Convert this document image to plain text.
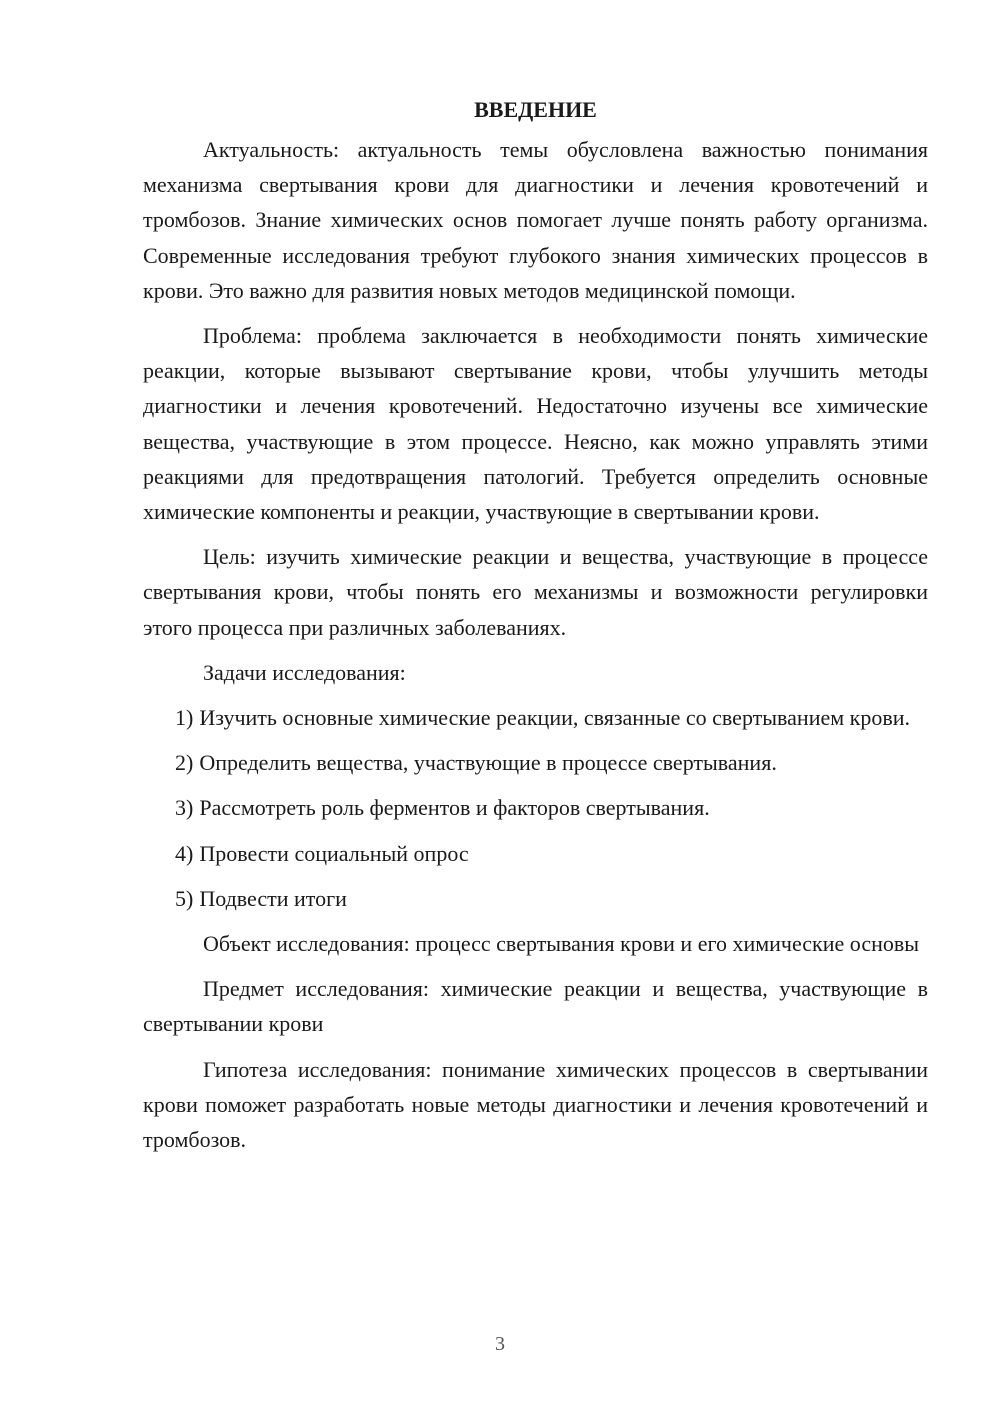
ВВЕДЕНИЕ

Актуальность: актуальность темы обусловлена важностью понимания механизма свертывания крови для диагностики и лечения кровотечений и тромбозов. Знание химических основ помогает лучше понять работу организма. Современные исследования требуют глубокого знания химических процессов в крови. Это важно для развития новых методов медицинской помощи.

Проблема: проблема заключается в необходимости понять химические реакции, которые вызывают свертывание крови, чтобы улучшить методы диагностики и лечения кровотечений. Недостаточно изучены все химические вещества, участвующие в этом процессе. Неясно, как можно управлять этими реакциями для предотвращения патологий. Требуется определить основные химические компоненты и реакции, участвующие в свертывании крови.

Цель: изучить химические реакции и вещества, участвующие в процессе свертывания крови, чтобы понять его механизмы и возможности регулировки этого процесса при различных заболеваниях.

Задачи исследования:

1) Изучить основные химические реакции, связанные со свертыванием крови.

2) Определить вещества, участвующие в процессе свертывания.

3) Рассмотреть роль ферментов и факторов свертывания.

4) Провести социальный опрос

5) Подвести итоги

Объект исследования: процесс свертывания крови и его химические основы

Предмет исследования: химические реакции и вещества, участвующие в свертывании крови

Гипотеза исследования: понимание химических процессов в свертывании крови поможет разработать новые методы диагностики и лечения кровотечений и тромбозов.

3
